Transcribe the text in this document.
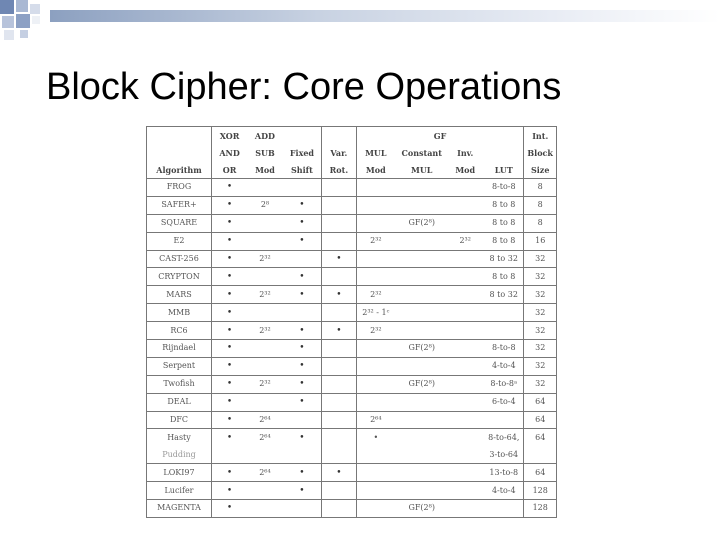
Block Cipher: Core Operations
	XOR	ADD			GF					Int.
	AND	SUB	Fixed	Var.	MUL	Constant	Inv.			Block
Algorithm	OR	Mod	Shift	Rot.	Mod	MUL	Mod		LUT	Size
FROG	•								8-to-8	8
SAFER+	•	2⁸	•						8 to 8	8
SQUARE	•		•			GF(2⁸)			8 to 8	8
E2	•		•		2³²		2³²		8 to 8	16
CAST-256	•	2³²		•					8 to 32	32
CRYPTON	•		•						8 to 8	32
MARS	•	2³²	•	•	2³²				8 to 32	32
MMB	•				2³² - 1ᶜ					32
RC6	•	2³²	•	•	2³²					32
Rijndael	•		•			GF(2⁸)			8-to-8	32
Serpent	•		•						4-to-4	32
Twofish	•	2³²	•			GF(2⁸)			8-to-8ᵃ	32
DEAL	•		•						6-to-4	64
DFC	•	2⁶⁴			2⁶⁴					64
Hasty	•	2⁶⁴	•		•				8-to-64,	64
Pudding									3-to-64	
LOKI97	•	2⁶⁴	•	•					13-to-8	64
Lucifer	•		•						4-to-4	128
MAGENTA	•					GF(2⁸)				128
